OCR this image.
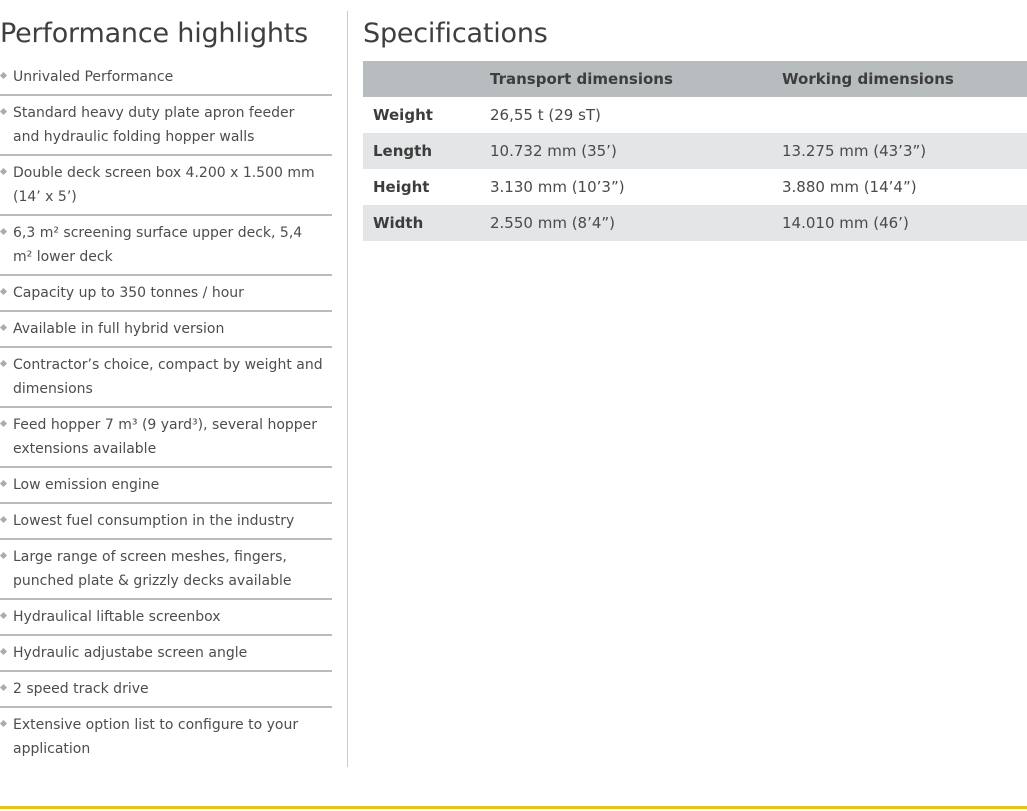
Performance highlights
Unrivaled Performance
Standard heavy duty plate apron feeder and hydraulic folding hopper walls
Double deck screen box 4.200 x 1.500 mm (14’ x 5’)
6,3 m² screening surface upper deck, 5,4 m² lower deck
Capacity up to 350 tonnes / hour
Available in full hybrid version
Contractor’s choice, compact by weight and dimensions
Feed hopper 7 m³ (9 yard³), several hopper extensions available
Low emission engine
Lowest fuel consumption in the industry
Large range of screen meshes, fingers, punched plate & grizzly decks available
Hydraulical liftable screenbox
Hydraulic adjustabe screen angle
2 speed track drive
Extensive option list to configure to your application
Specifications
	Transport dimensions	Working dimensions
Weight	26,55 t (29 sT)	
Length	10.732 mm (35’)	13.275 mm (43’3”)
Height	3.130 mm (10’3”)	3.880 mm (14’4”)
Width	2.550 mm (8’4”)	14.010 mm (46’)
